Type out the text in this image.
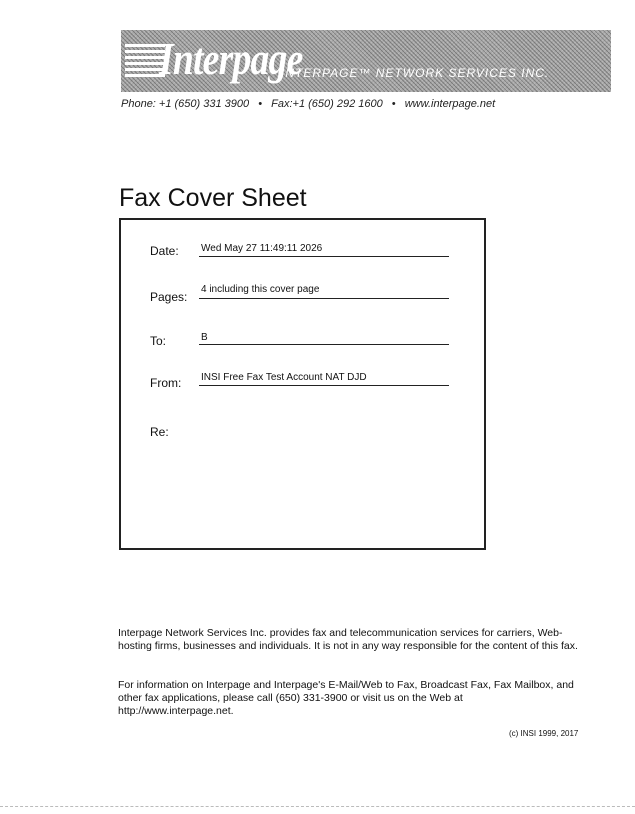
Interpage
INTERPAGE™ NETWORK SERVICES INC.
Phone: +1 (650) 331 3900 • Fax:+1 (650) 292 1600 • www.interpage.net
Fax Cover Sheet
Date: Wed May 27 11:49:11 2026
Pages:
4 including this cover page
To:	B
From: INSI Free Fax Test Account NAT DJD
Re:
Interpage Network Services Inc. provides fax and telecommunication services for carriers, Web-hosting firms, businesses and individuals. It is not in any way responsible for the content of this fax.
For information on Interpage and Interpage's E-Mail/Web to Fax, Broadcast Fax, Fax Mailbox, and other fax applications, please call (650) 331-3900 or visit us on the Web at http://www.interpage.net.
(c) INSI 1999, 2017
